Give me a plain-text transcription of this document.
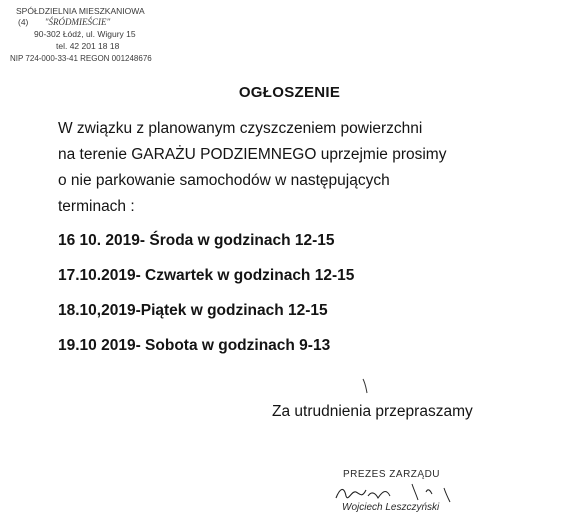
SPÓŁDZIELNIA MIESZKANIOWA
(4) "ŚRÓDMIEŚCIE"
90-302 Łódź, ul. Wigury 15
tel. 42 201 18 18
NIP 724-000-33-41 REGON 001248676
OGŁOSZENIE
W związku z planowanym czyszczeniem powierzchni
na terenie GARAŻU PODZIEMNEGO uprzejmie prosimy
o nie parkowanie samochodów w następujących
terminach :
16 10. 2019- Środa w godzinach 12-15
17.10.2019- Czwartek w godzinach 12-15
18.10,2019-Piątek w godzinach 12-15
19.10 2019- Sobota w godzinach 9-13
Za utrudnienia przepraszamy
PREZES ZARZĄDU
Wojciech Leszczyński
